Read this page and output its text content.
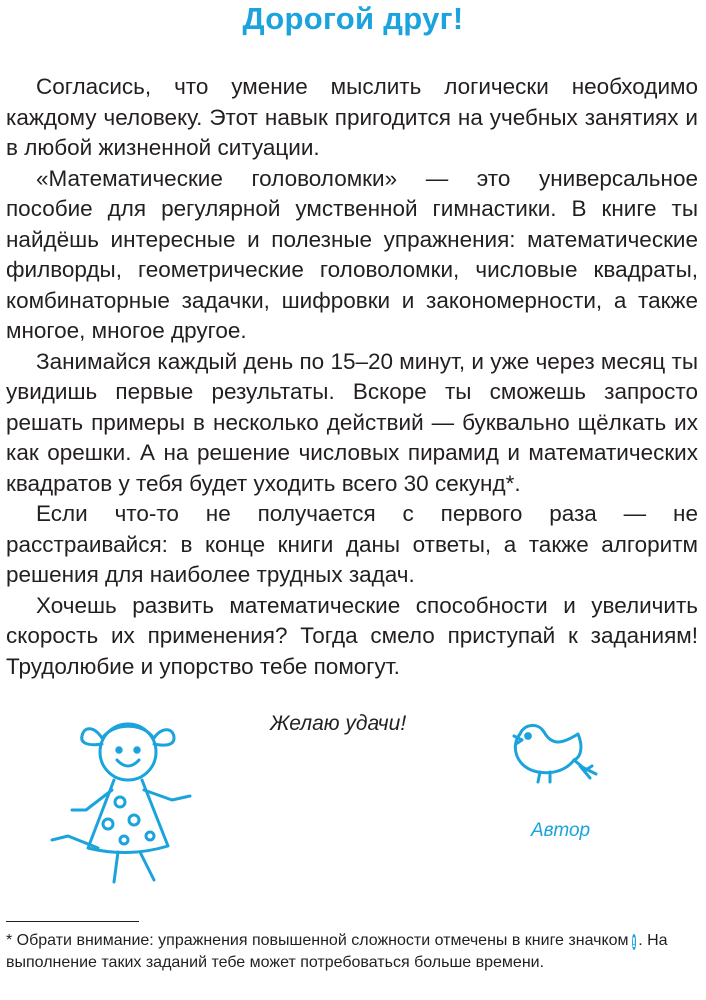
Дорогой друг!

Согласись, что умение мыслить логически необходимо каждому человеку. Этот навык пригодится на учебных занятиях и в любой жизненной ситуации.

«Математические головоломки» — это универсальное пособие для регулярной умственной гимнастики. В книге ты найдёшь интересные и полезные упражнения: математические филворды, геометрические головоломки, числовые квадраты, комбинаторные задачки, шифровки и закономерности, а также многое, многое другое.

Занимайся каждый день по 15–20 минут, и уже через месяц ты увидишь первые результаты. Вскоре ты сможешь запросто решать примеры в несколько действий — буквально щёлкать их как орешки. А на решение числовых пирамид и математических квадратов у тебя будет уходить всего 30 секунд*.

Если что-то не получается с первого раза — не расстраивайся: в конце книги даны ответы, а также алгоритм решения для наиболее трудных задач.

Хочешь развить математические способности и увеличить скорость их применения? Тогда смело приступай к заданиям! Трудолюбие и упорство тебе помогут.

Желаю удачи!
Автор
* Обрати внимание: упражнения повышенной сложности отмечены в книге значком ! . На выполнение таких заданий тебе может потребоваться больше времени.
